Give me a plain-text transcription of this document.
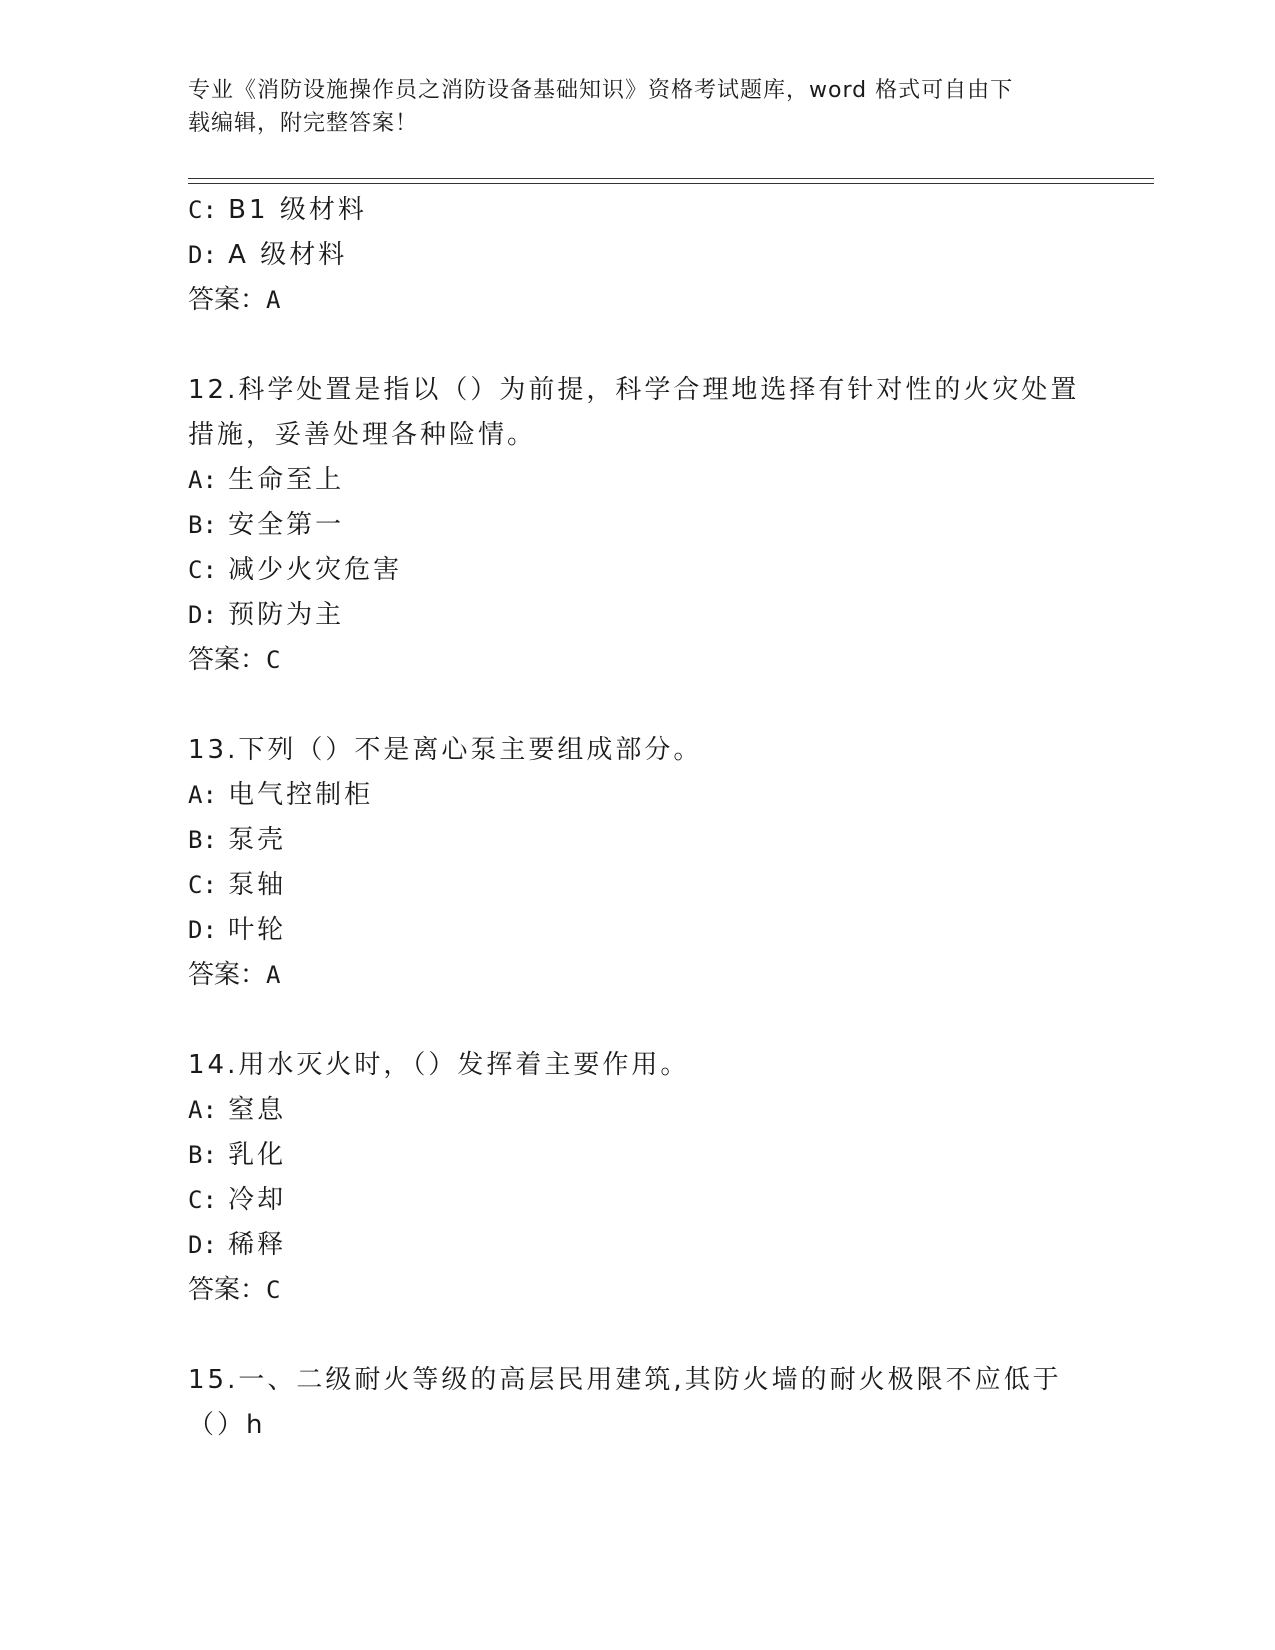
专业《消防设施操作员之消防设备基础知识》资格考试题库，word 格式可自由下
载编辑，附完整答案！
C: B1 级材料
D: A 级材料
答案：A
12.科学处置是指以（）为前提，科学合理地选择有针对性的火灾处置
措施，妥善处理各种险情。
A: 生命至上
B: 安全第一
C: 减少火灾危害
D: 预防为主
答案：C
13.下列（）不是离心泵主要组成部分。
A: 电气控制柜
B: 泵壳
C: 泵轴
D: 叶轮
答案：A
14.用水灭火时，（）发挥着主要作用。
A: 窒息
B: 乳化
C: 冷却
D: 稀释
答案：C
15.一、二级耐火等级的高层民用建筑,其防火墙的耐火极限不应低于
（）h
